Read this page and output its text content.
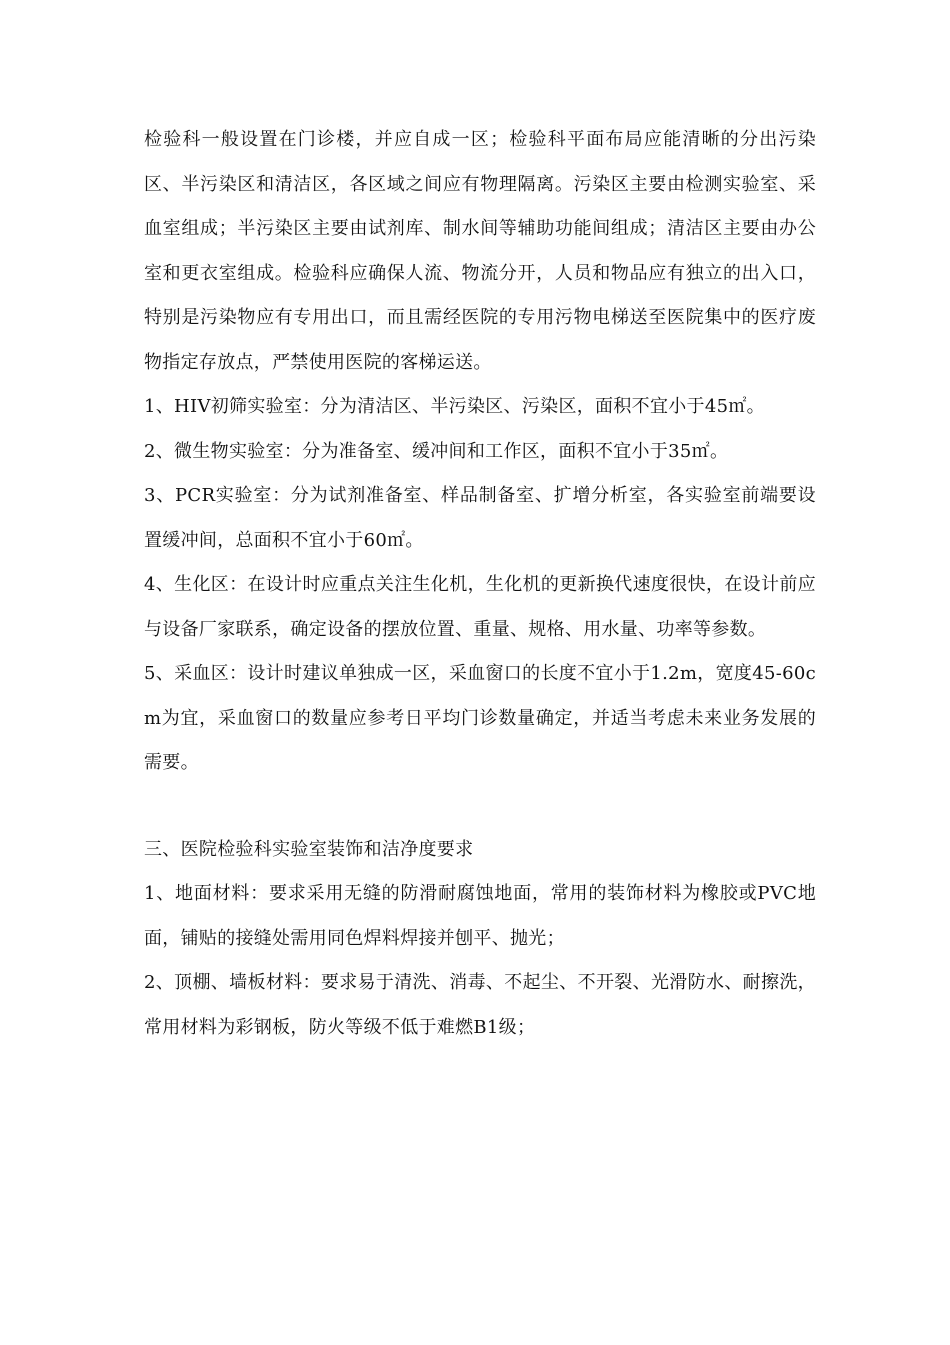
检验科一般设置在门诊楼，并应自成一区；检验科平面布局应能清晰的分出污染区、半污染区和清洁区，各区域之间应有物理隔离。污染区主要由检测实验室、采血室组成；半污染区主要由试剂库、制水间等辅助功能间组成；清洁区主要由办公室和更衣室组成。检验科应确保人流、物流分开，人员和物品应有独立的出入口，特别是污染物应有专用出口，而且需经医院的专用污物电梯送至医院集中的医疗废物指定存放点，严禁使用医院的客梯运送。

1、HIV初筛实验室：分为清洁区、半污染区、污染区，面积不宜小于45㎡。

2、微生物实验室：分为准备室、缓冲间和工作区，面积不宜小于35㎡。

3、PCR实验室：分为试剂准备室、样品制备室、扩增分析室，各实验室前端要设置缓冲间，总面积不宜小于60㎡。

4、生化区：在设计时应重点关注生化机，生化机的更新换代速度很快，在设计前应与设备厂家联系，确定设备的摆放位置、重量、规格、用水量、功率等参数。

5、采血区：设计时建议单独成一区，采血窗口的长度不宜小于1.2m，宽度45-60cm为宜，采血窗口的数量应参考日平均门诊数量确定，并适当考虑未来业务发展的需要。

三、医院检验科实验室装饰和洁净度要求

1、地面材料：要求采用无缝的防滑耐腐蚀地面，常用的装饰材料为橡胶或PVC地面，铺贴的接缝处需用同色焊料焊接并刨平、抛光；

2、顶棚、墙板材料：要求易于清洗、消毒、不起尘、不开裂、光滑防水、耐擦洗，常用材料为彩钢板，防火等级不低于难燃B1级；
